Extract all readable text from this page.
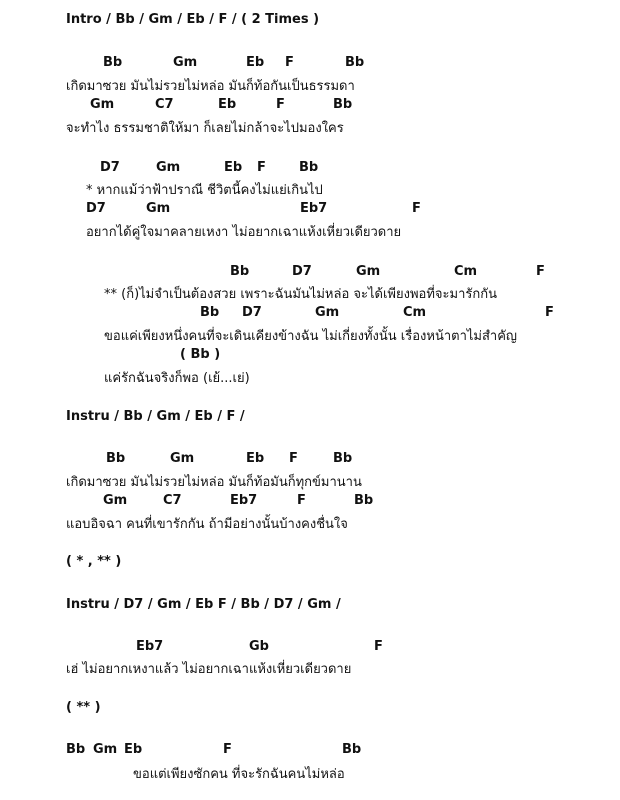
Intro / Bb / Gm / Eb / F / ( 2 Times )
Bb	Gm	Eb F	Bb
เกิดมาซวย มันไม่รวยไม่หล่อ มันก็ท้อกันเป็นธรรมดา
Gm	C7	Eb	F	Bb
จะทำไง ธรรมชาติให้มา ก็เลยไม่กล้าจะไปมองใคร
D7	Gm	Eb F	Bb
* หากแม้ว่าฟ้าปราณี ชีวิตนี้คงไม่แย่เกินไป
D7	Gm	Eb7	F
อยากได้คู่ใจมาคลายเหงา ไม่อยากเฉาแห้งเหี่ยวเดียวดาย
Bb	D7	Gm	Cm	F
** (ก็)ไม่จำเป็นต้องสวย เพราะฉันมันไม่หล่อ จะได้เพียงพอที่จะมารักกัน
Bb D7	Gm	Cm	F
ขอแค่เพียงหนึ่งคนที่จะเดินเคียงข้างฉัน ไม่เกี่ยงทั้งนั้น เรื่องหน้าตาไม่สำคัญ
( Bb )
แค่รักฉันจริงก็พอ (เย้...เย่)
Instru / Bb / Gm / Eb / F /
Bb	Gm	Eb F	Bb
เกิดมาซวย มันไม่รวยไม่หล่อ มันก็ท้อมันก็ทุกข์มานาน
Gm	C7	Eb7	F	Bb
แอบอิจฉา คนที่เขารักกัน ถ้ามีอย่างนั้นบ้างคงชื่นใจ
( * , ** )
Instru / D7 / Gm / Eb F / Bb / D7 / Gm /
Eb7	Gb	F
เฮ่ ไม่อยากเหงาแล้ว ไม่อยากเฉาแห้งเหี่ยวเดียวดาย
( ** )
Bb Gm Eb	F	Bb
ขอแต่เพียงซักคน ที่จะรักฉันคนไม่หล่อ
